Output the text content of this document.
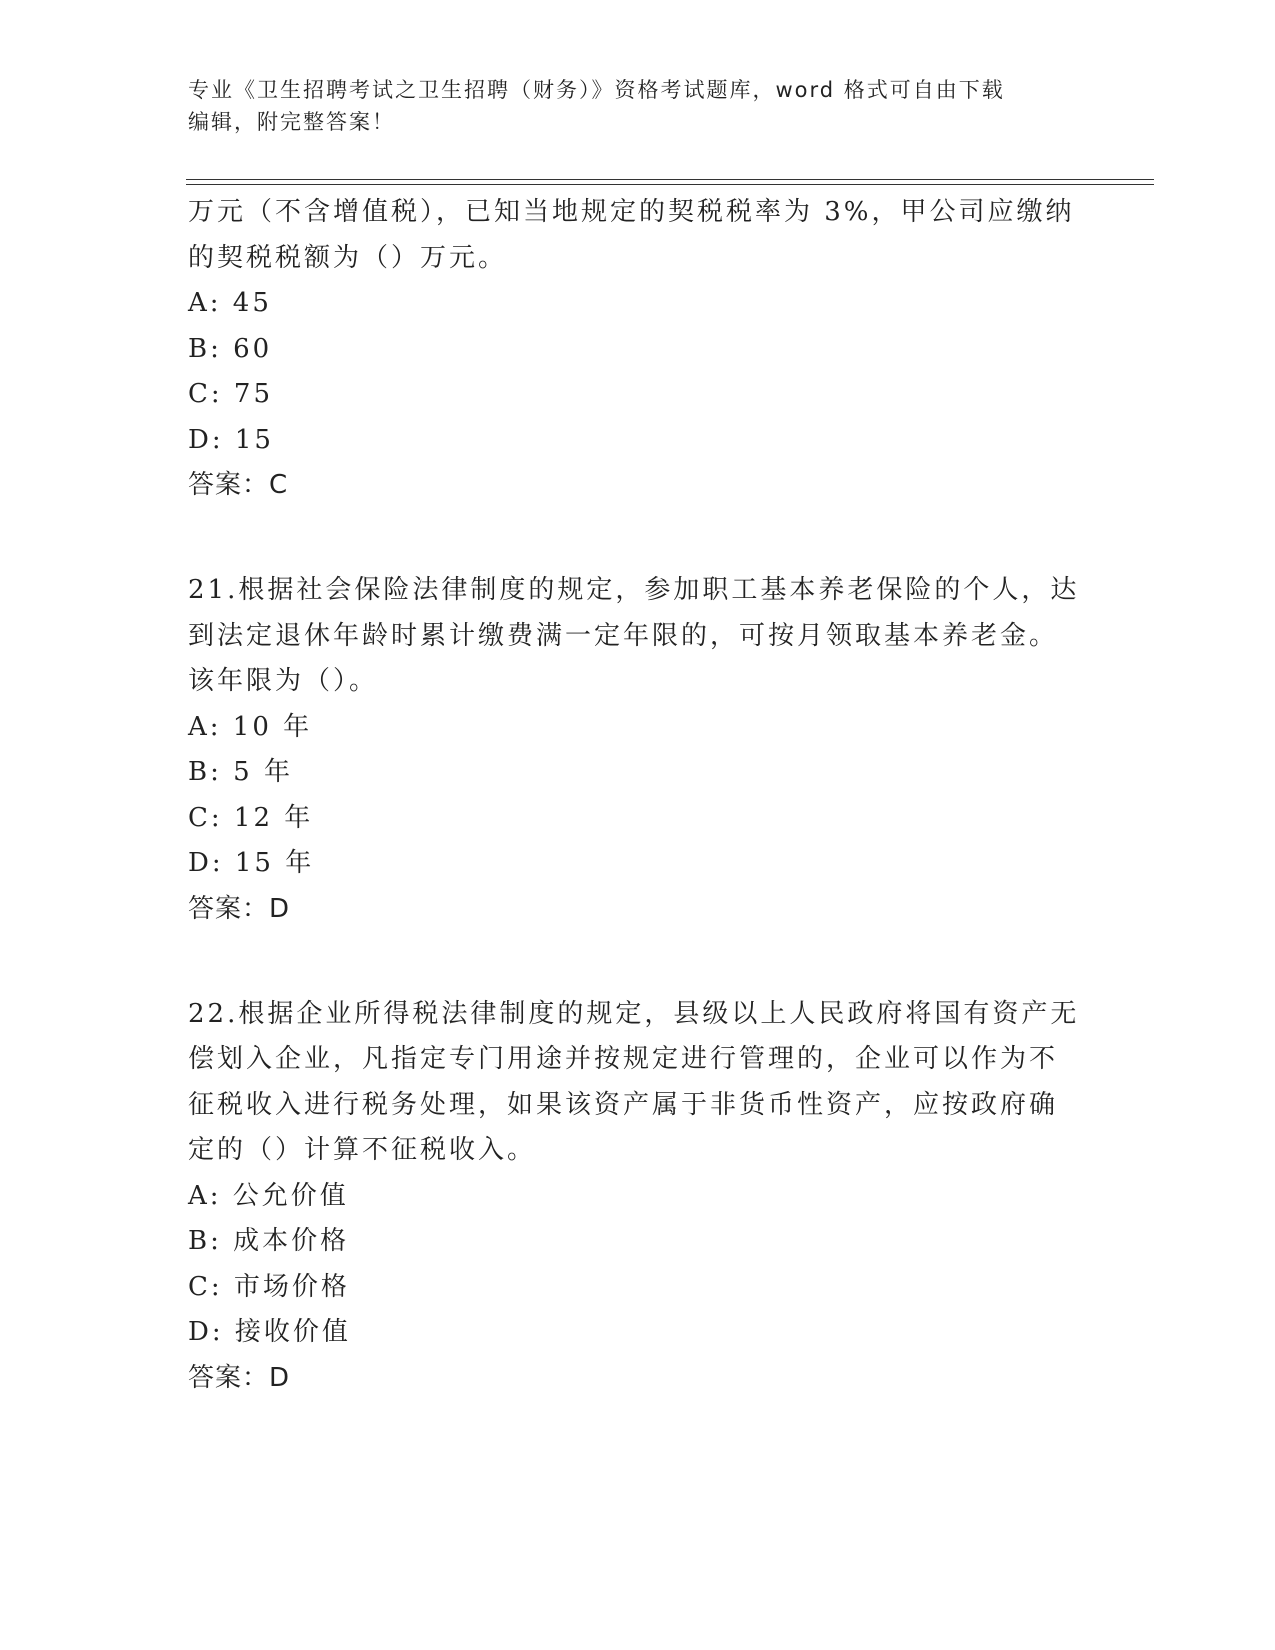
专业《卫生招聘考试之卫生招聘（财务）》资格考试题库，word 格式可自由下载
编辑，附完整答案！
万元（不含增值税），已知当地规定的契税税率为 3%，甲公司应缴纳
的契税税额为（）万元。
A: 45
B: 60
C: 75
D: 15
答案：C
21.根据社会保险法律制度的规定，参加职工基本养老保险的个人，达
到法定退休年龄时累计缴费满一定年限的，可按月领取基本养老金。
该年限为（）。
A: 10 年
B: 5 年
C: 12 年
D: 15 年
答案：D
22.根据企业所得税法律制度的规定，县级以上人民政府将国有资产无
偿划入企业，凡指定专门用途并按规定进行管理的，企业可以作为不
征税收入进行税务处理，如果该资产属于非货币性资产，应按政府确
定的（）计算不征税收入。
A: 公允价值
B: 成本价格
C: 市场价格
D: 接收价值
答案：D
